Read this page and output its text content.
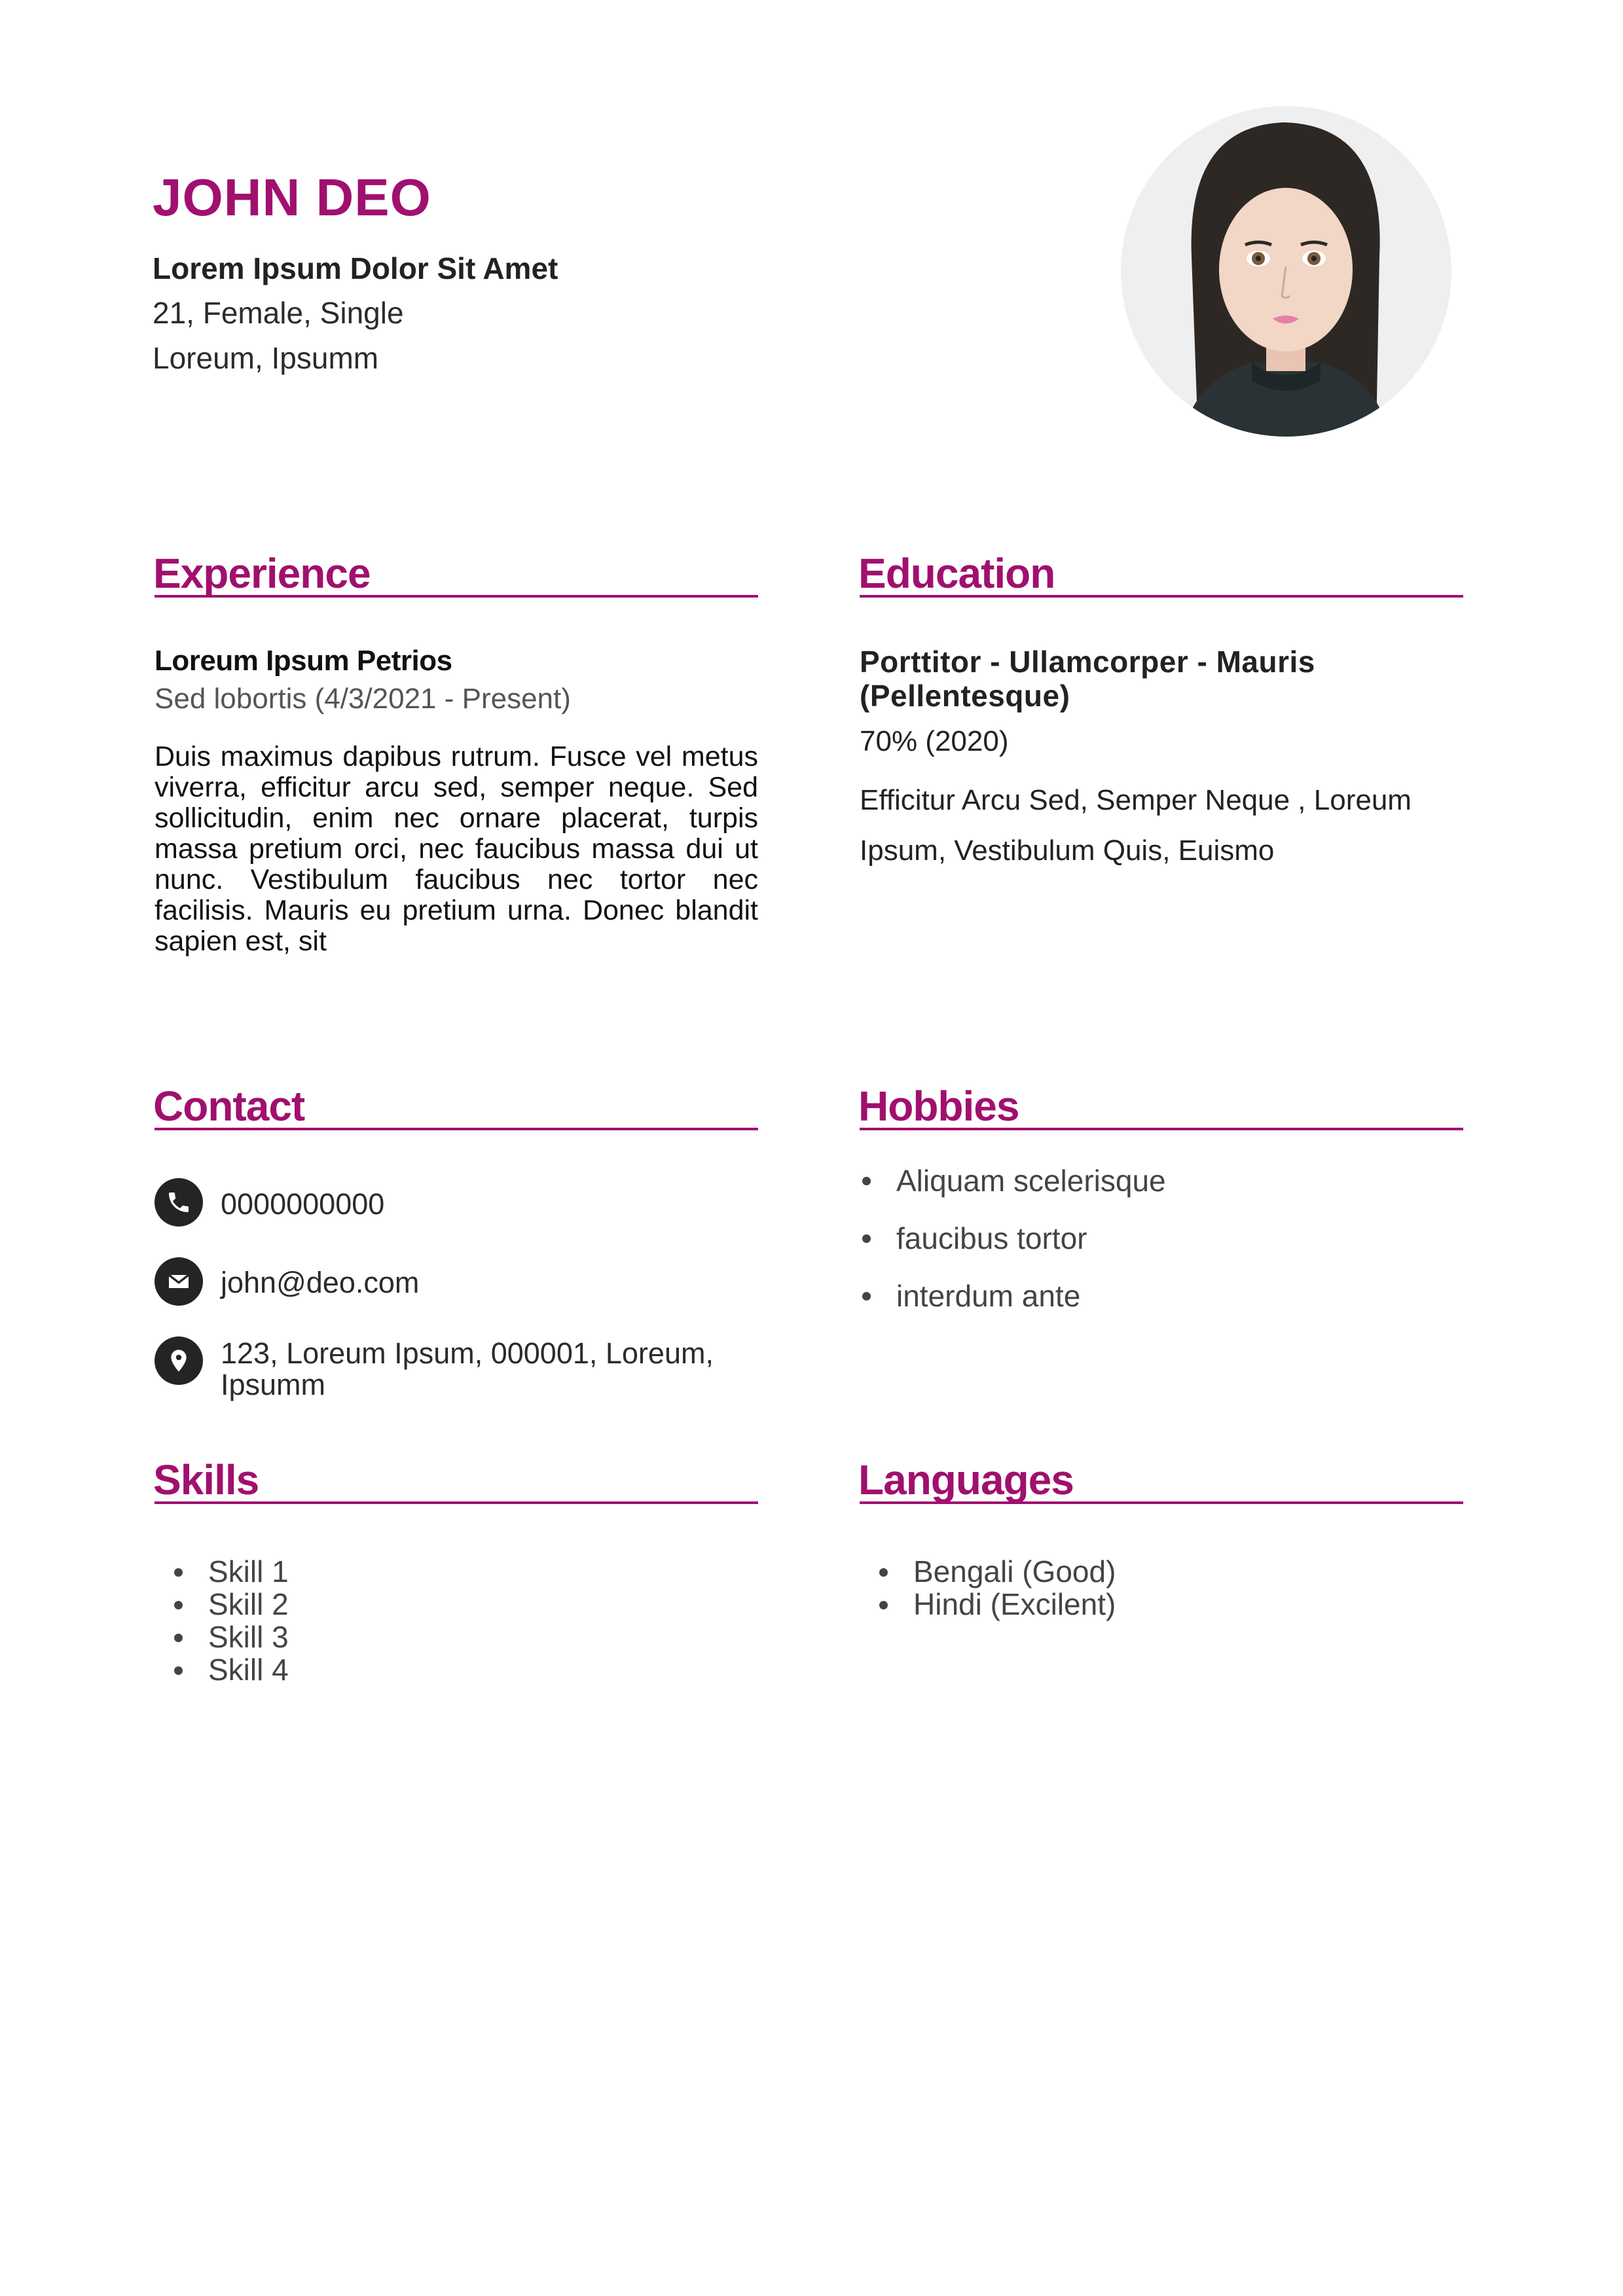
JOHN DEO
Lorem Ipsum Dolor Sit Amet
21, Female, Single
Loreum, Ipsumm
Experience
Loreum Ipsum Petrios
Sed lobortis (4/3/2021 - Present)
Duis maximus dapibus rutrum. Fusce vel metus viverra, efficitur arcu sed, semper neque. Sed sollicitudin, enim nec ornare placerat, turpis massa pretium orci, nec faucibus massa dui ut nunc. Vestibulum faucibus nec tortor nec facilisis. Mauris eu pretium urna. Donec blandit sapien est, sit
Education
Porttitor - Ullamcorper - Mauris (Pellentesque)
70% (2020)
Efficitur Arcu Sed, Semper Neque , Loreum Ipsum, Vestibulum Quis, Euismo
Contact
0000000000
john@deo.com
123, Loreum Ipsum, 000001, Loreum, Ipsumm
Hobbies
Aliquam scelerisque
faucibus tortor
interdum ante
Skills
Skill 1
Skill 2
Skill 3
Skill 4
Languages
Bengali (Good)
Hindi (Excilent)
